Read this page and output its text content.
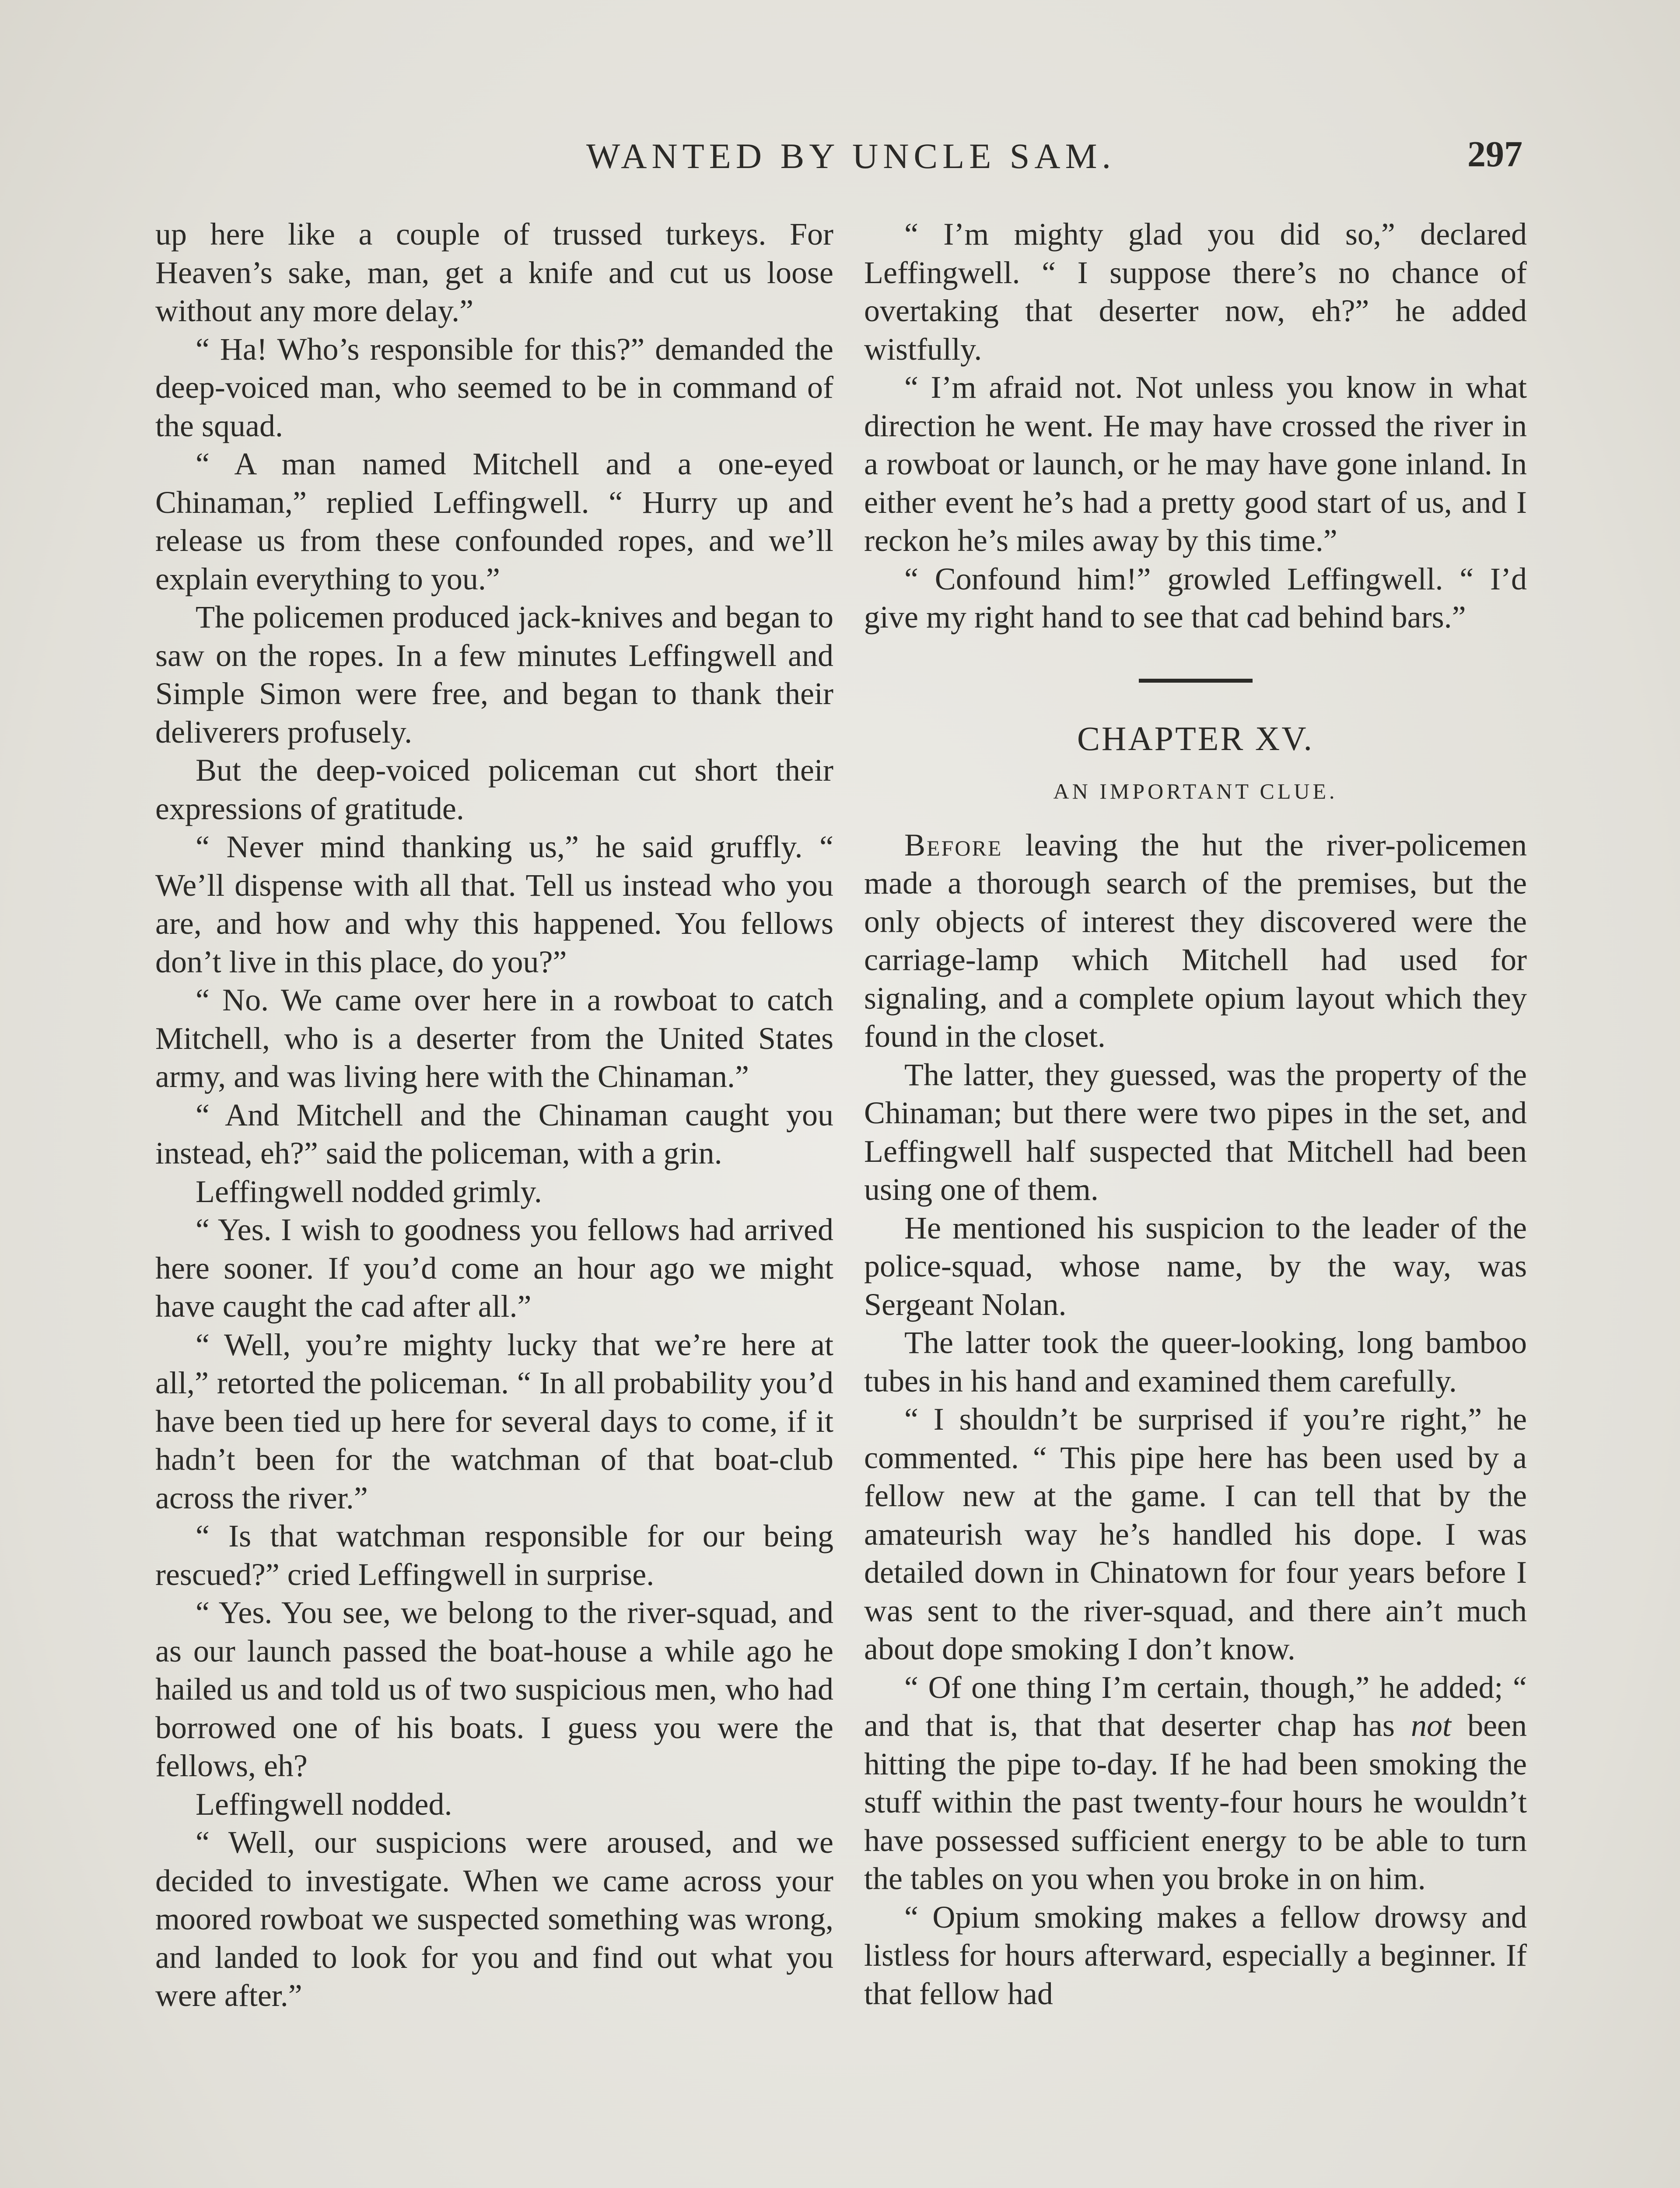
WANTED BY UNCLE SAM.	297

up here like a couple of trussed turkeys. For Heaven’s sake, man, get a knife and cut us loose without any more delay.”

“ Ha! Who’s responsible for this?” demanded the deep-voiced man, who seemed to be in command of the squad.

“ A man named Mitchell and a one-eyed Chinaman,” replied Leffingwell. “ Hurry up and release us from these confounded ropes, and we’ll explain everything to you.”

The policemen produced jack-knives and began to saw on the ropes. In a few minutes Leffingwell and Simple Simon were free, and began to thank their deliverers profusely.

But the deep-voiced policeman cut short their expressions of gratitude.

“ Never mind thanking us,” he said gruffly. “ We’ll dispense with all that. Tell us instead who you are, and how and why this happened. You fellows don’t live in this place, do you?”

“ No. We came over here in a rowboat to catch Mitchell, who is a deserter from the United States army, and was living here with the Chinaman.”

“ And Mitchell and the Chinaman caught you instead, eh?” said the policeman, with a grin.

Leffingwell nodded grimly.

“ Yes. I wish to goodness you fellows had arrived here sooner. If you’d come an hour ago we might have caught the cad after all.”

“ Well, you’re mighty lucky that we’re here at all,” retorted the policeman. “ In all probability you’d have been tied up here for several days to come, if it hadn’t been for the watchman of that boat-club across the river.”

“ Is that watchman responsible for our being rescued?” cried Leffingwell in surprise.

“ Yes. You see, we belong to the river-squad, and as our launch passed the boat-house a while ago he hailed us and told us of two suspicious men, who had borrowed one of his boats. I guess you were the fellows, eh?

Leffingwell nodded.

“ Well, our suspicions were aroused, and we decided to investigate. When we came across your moored rowboat we suspected something was wrong, and landed to look for you and find out what you were after.”

“ I’m mighty glad you did so,” declared Leffingwell. “ I suppose there’s no chance of overtaking that deserter now, eh?” he added wistfully.

“ I’m afraid not. Not unless you know in what direction he went. He may have crossed the river in a rowboat or launch, or he may have gone inland. In either event he’s had a pretty good start of us, and I reckon he’s miles away by this time.”

“ Confound him!” growled Leffingwell. “ I’d give my right hand to see that cad behind bars.”

CHAPTER XV.
AN IMPORTANT CLUE.

Before leaving the hut the river-policemen made a thorough search of the premises, but the only objects of interest they discovered were the carriage-lamp which Mitchell had used for signaling, and a complete opium layout which they found in the closet.

The latter, they guessed, was the property of the Chinaman; but there were two pipes in the set, and Leffingwell half suspected that Mitchell had been using one of them.

He mentioned his suspicion to the leader of the police-squad, whose name, by the way, was Sergeant Nolan.

The latter took the queer-looking, long bamboo tubes in his hand and examined them carefully.

“ I shouldn’t be surprised if you’re right,” he commented. “ This pipe here has been used by a fellow new at the game. I can tell that by the amateurish way he’s handled his dope. I was detailed down in Chinatown for four years before I was sent to the river-squad, and there ain’t much about dope smoking I don’t know.

“ Of one thing I’m certain, though,” he added; “ and that is, that that deserter chap has not been hitting the pipe to-day. If he had been smoking the stuff within the past twenty-four hours he wouldn’t have possessed sufficient energy to be able to turn the tables on you when you broke in on him.

“ Opium smoking makes a fellow drowsy and listless for hours afterward, especially a beginner. If that fellow had
